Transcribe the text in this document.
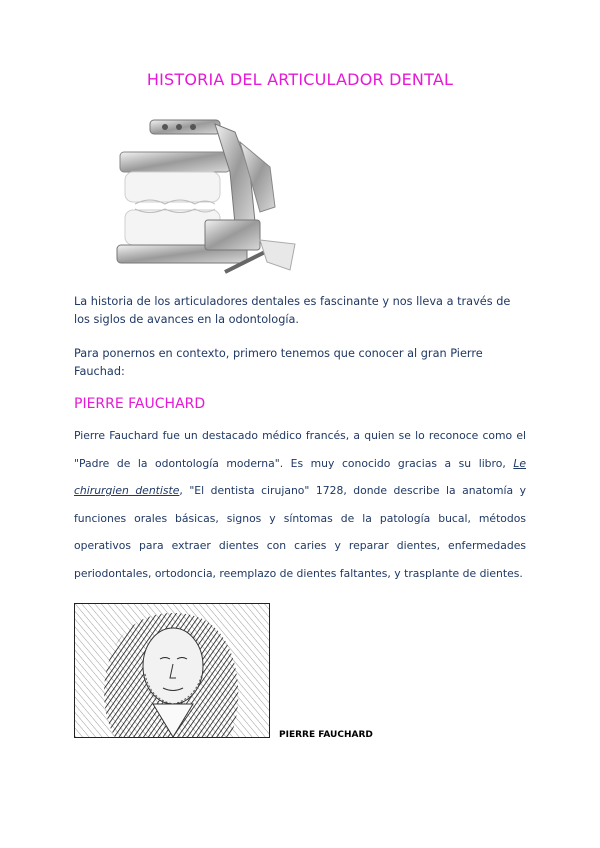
HISTORIA DEL ARTICULADOR DENTAL
La historia de los articuladores dentales es fascinante y nos lleva a través de los siglos de avances en la odontología.
Para ponernos en contexto, primero tenemos que conocer al gran Pierre Fauchad:
PIERRE FAUCHARD
Pierre Fauchard fue un destacado médico francés, a quien se lo reconoce como el "Padre de la odontología moderna". Es muy conocido gracias a su libro, Le chirurgien dentiste, "El dentista cirujano" 1728, donde describe la anatomía y funciones orales básicas, signos y síntomas de la patología bucal, métodos operativos para extraer dientes con caries y reparar dientes, enfermedades periodontales, ortodoncia, reemplazo de dientes faltantes, y trasplante de dientes.
PIERRE FAUCHARD
